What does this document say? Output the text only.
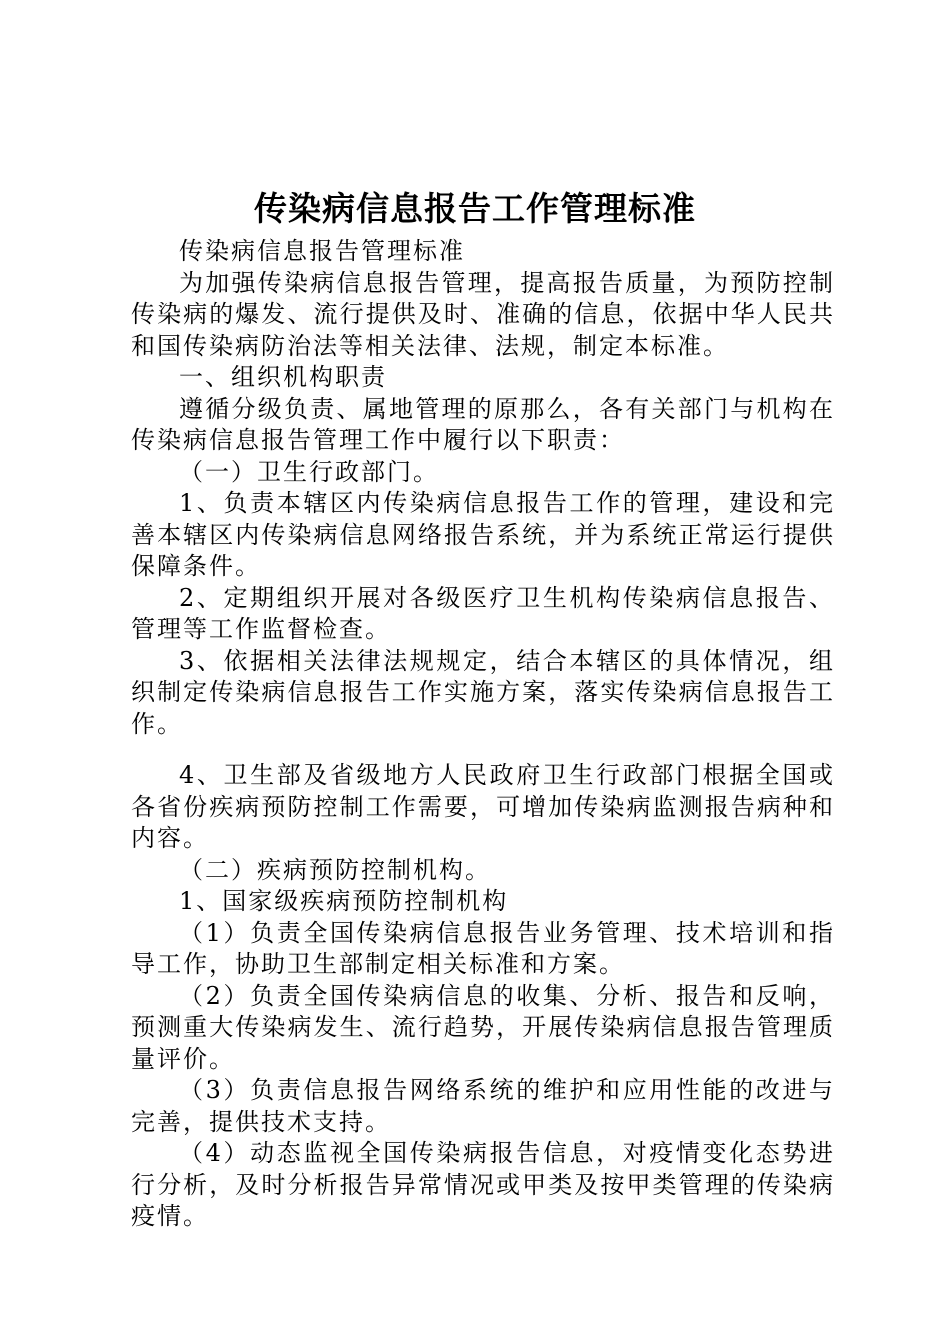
传染病信息报告工作管理标准

传染病信息报告管理标准

为加强传染病信息报告管理，提高报告质量，为预防控制传染病的爆发、流行提供及时、准确的信息，依据中华人民共和国传染病防治法等相关法律、法规，制定本标准。

一、组织机构职责

遵循分级负责、属地管理的原那么，各有关部门与机构在传染病信息报告管理工作中履行以下职责：

（一）卫生行政部门。

1、负责本辖区内传染病信息报告工作的管理，建设和完善本辖区内传染病信息网络报告系统，并为系统正常运行提供保障条件。

2、定期组织开展对各级医疗卫生机构传染病信息报告、管理等工作监督检查。

3、依据相关法律法规规定，结合本辖区的具体情况，组织制定传染病信息报告工作实施方案，落实传染病信息报告工作。

4、卫生部及省级地方人民政府卫生行政部门根据全国或各省份疾病预防控制工作需要，可增加传染病监测报告病种和内容。

（二）疾病预防控制机构。

1、国家级疾病预防控制机构

（1）负责全国传染病信息报告业务管理、技术培训和指导工作，协助卫生部制定相关标准和方案。

（2）负责全国传染病信息的收集、分析、报告和反响，预测重大传染病发生、流行趋势，开展传染病信息报告管理质量评价。

（3）负责信息报告网络系统的维护和应用性能的改进与完善，提供技术支持。

（4）动态监视全国传染病报告信息，对疫情变化态势进行分析，及时分析报告异常情况或甲类及按甲类管理的传染病疫情。
